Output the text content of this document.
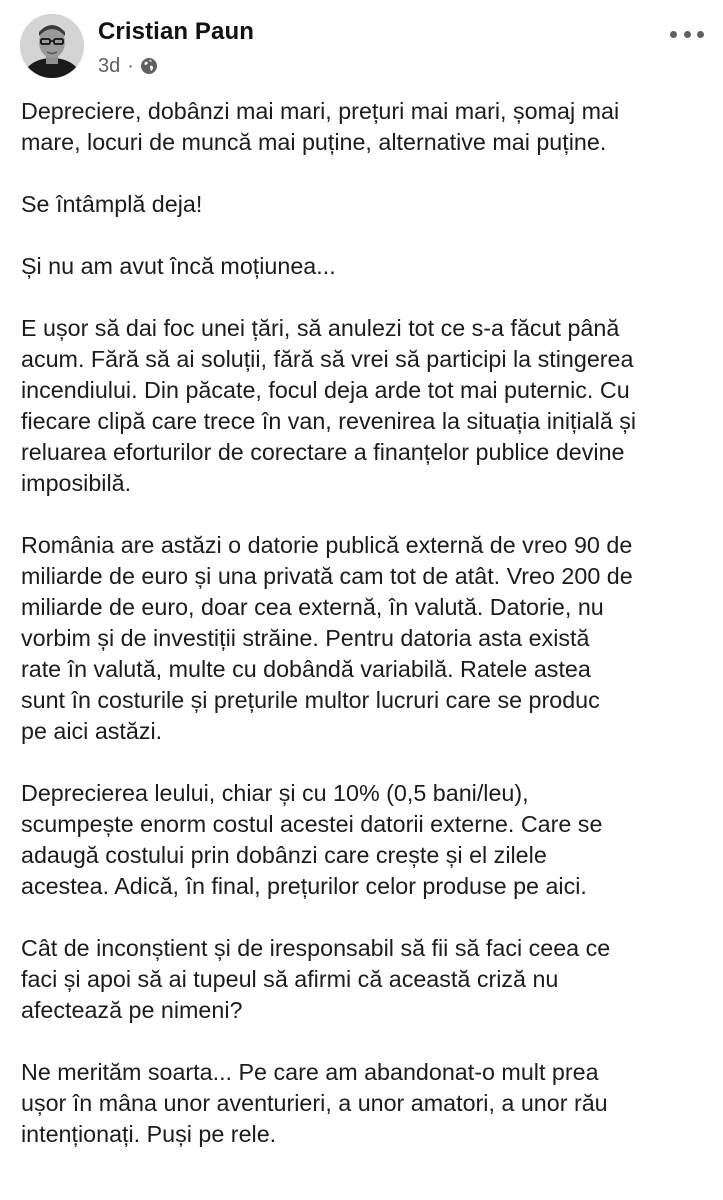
Cristian Paun
3d ·

Depreciere, dobânzi mai mari, prețuri mai mari, șomaj mai
mare, locuri de muncă mai puține, alternative mai puține.

Se întâmplă deja!

Și nu am avut încă moțiunea...

E ușor să dai foc unei țări, să anulezi tot ce s-a făcut până
acum. Fără să ai soluții, fără să vrei să participi la stingerea
incendiului. Din păcate, focul deja arde tot mai puternic. Cu
fiecare clipă care trece în van, revenirea la situația inițială și
reluarea eforturilor de corectare a finanțelor publice devine
imposibilă.

România are astăzi o datorie publică externă de vreo 90 de
miliarde de euro și una privată cam tot de atât. Vreo 200 de
miliarde de euro, doar cea externă, în valută. Datorie, nu
vorbim și de investiții străine. Pentru datoria asta există
rate în valută, multe cu dobândă variabilă. Ratele astea
sunt în costurile și prețurile multor lucruri care se produc
pe aici astăzi.

Deprecierea leului, chiar și cu 10% (0,5 bani/leu),
scumpește enorm costul acestei datorii externe. Care se
adaugă costului prin dobânzi care crește și el zilele
acestea. Adică, în final, prețurilor celor produse pe aici.

Cât de inconștient și de iresponsabil să fii să faci ceea ce
faci și apoi să ai tupeul să afirmi că această criză nu
afectează pe nimeni?

Ne merităm soarta... Pe care am abandonat-o mult prea
ușor în mâna unor aventurieri, a unor amatori, a unor rău
intenționați. Puși pe rele.
